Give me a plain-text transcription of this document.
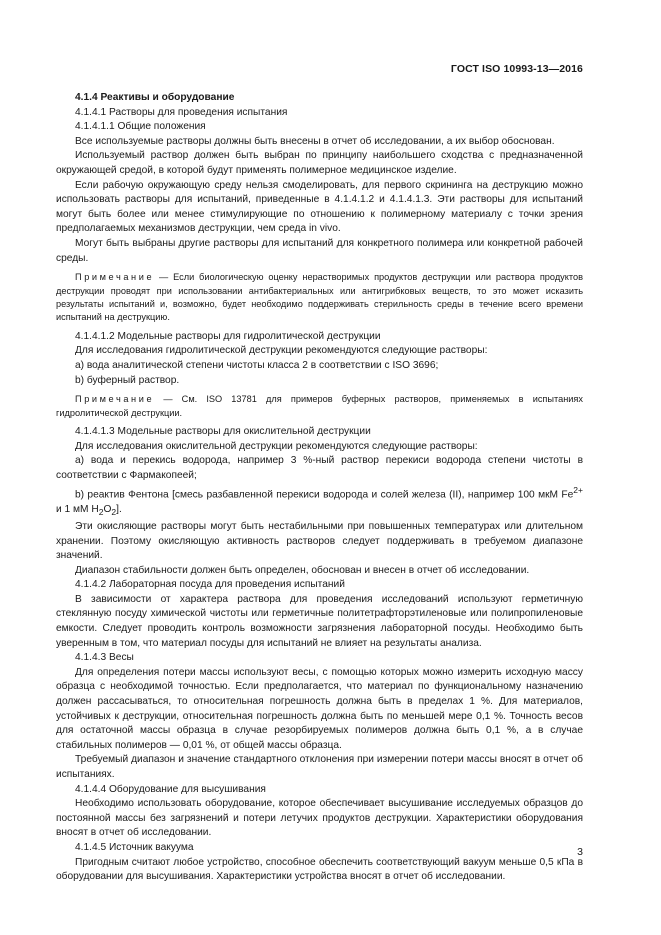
ГОСТ ISO 10993-13—2016

4.1.4 Реактивы и оборудование

4.1.4.1 Растворы для проведения испытания

4.1.4.1.1 Общие положения

Все используемые растворы должны быть внесены в отчет об исследовании, а их выбор обоснован.

Используемый раствор должен быть выбран по принципу наибольшего сходства с предназначенной окружающей средой, в которой будут применять полимерное медицинское изделие.

Если рабочую окружающую среду нельзя смоделировать, для первого скрининга на деструкцию можно использовать растворы для испытаний, приведенные в 4.1.4.1.2 и 4.1.4.1.3. Эти растворы для испытаний могут быть более или менее стимулирующие по отношению к полимерному материалу с точки зрения предполагаемых механизмов деструкции, чем среда in vivo.

Могут быть выбраны другие растворы для испытаний для конкретного полимера или конкретной рабочей среды.

Примечание — Если биологическую оценку нерастворимых продуктов деструкции или раствора продуктов деструкции проводят при использовании антибактериальных или антигрибковых веществ, то это может исказить результаты испытаний и, возможно, будет необходимо поддерживать стерильность среды в течение всего времени испытаний на деструкцию.

4.1.4.1.2 Модельные растворы для гидролитической деструкции

Для исследования гидролитической деструкции рекомендуются следующие растворы:

a) вода аналитической степени чистоты класса 2 в соответствии с ISO 3696;

b) буферный раствор.

Примечание — См. ISO 13781 для примеров буферных растворов, применяемых в испытаниях гидролитической деструкции.

4.1.4.1.3 Модельные растворы для окислительной деструкции

Для исследования окислительной деструкции рекомендуются следующие растворы:

a) вода и перекись водорода, например 3 %-ный раствор перекиси водорода степени чистоты в соответствии с Фармакопеей;

b) реактив Фентона [смесь разбавленной перекиси водорода и солей железа (II), например 100 мкМ $Fe^{2+}$ и 1 мМ $H_2O_2$].

Эти окисляющие растворы могут быть нестабильными при повышенных температурах или длительном хранении. Поэтому окисляющую активность растворов следует поддерживать в требуемом диапазоне значений.

Диапазон стабильности должен быть определен, обоснован и внесен в отчет об исследовании.

4.1.4.2 Лабораторная посуда для проведения испытаний

В зависимости от характера раствора для проведения исследований используют герметичную стеклянную посуду химической чистоты или герметичные политетрафторэтиленовые или полипропиленовые емкости. Следует проводить контроль возможности загрязнения лабораторной посуды. Необходимо быть уверенным в том, что материал посуды для испытаний не влияет на результаты анализа.

4.1.4.3 Весы

Для определения потери массы используют весы, с помощью которых можно измерить исходную массу образца с необходимой точностью. Если предполагается, что материал по функциональному назначению должен рассасываться, то относительная погрешность должна быть в пределах 1 %. Для материалов, устойчивых к деструкции, относительная погрешность должна быть по меньшей мере 0,1 %. Точность весов для остаточной массы образца в случае резорбируемых полимеров должна быть 0,1 %, а в случае стабильных полимеров — 0,01 %, от общей массы образца.

Требуемый диапазон и значение стандартного отклонения при измерении потери массы вносят в отчет об испытаниях.

4.1.4.4 Оборудование для высушивания

Необходимо использовать оборудование, которое обеспечивает высушивание исследуемых образцов до постоянной массы без загрязнений и потери летучих продуктов деструкции. Характеристики оборудования вносят в отчет об исследовании.

4.1.4.5 Источник вакуума

Пригодным считают любое устройство, способное обеспечить соответствующий вакуум меньше 0,5 кПа в оборудовании для высушивания. Характеристики устройства вносят в отчет об исследовании.

3
